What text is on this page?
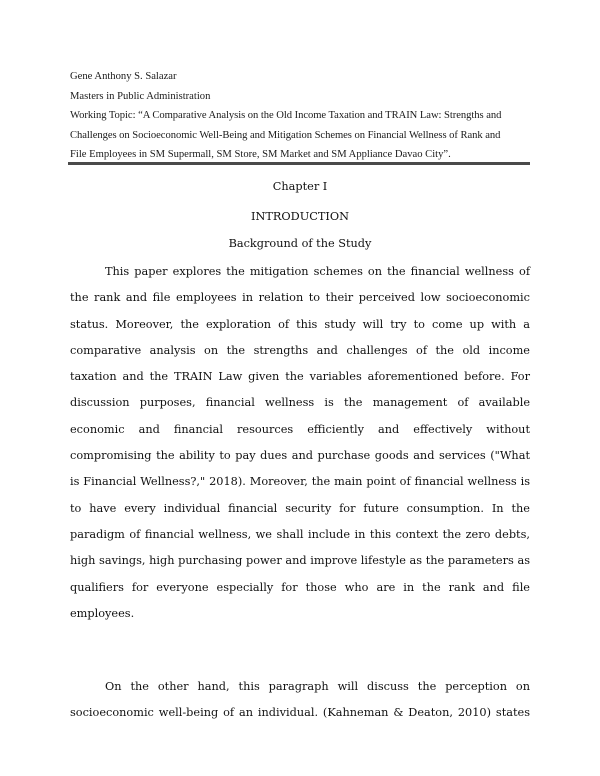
Gene Anthony S. Salazar
Masters in Public Administration
Working Topic: “A Comparative Analysis on the Old Income Taxation and TRAIN Law: Strengths and
Challenges on Socioeconomic Well-Being and Mitigation Schemes on Financial Wellness of Rank and
File Employees in SM Supermall, SM Store, SM Market and SM Appliance Davao City”.
Chapter I
INTRODUCTION
Background of the Study
This paper explores the mitigation schemes on the financial wellness of
the rank and file employees in relation to their perceived low socioeconomic
status. Moreover, the exploration of this study will try to come up with a
comparative analysis on the strengths and challenges of the old income
taxation and the TRAIN Law given the variables aforementioned before. For
discussion purposes, financial wellness is the management of available
economic and financial resources efficiently and effectively without
compromising the ability to pay dues and purchase goods and services ("What
is Financial Wellness?," 2018). Moreover, the main point of financial wellness is
to have every individual financial security for future consumption. In the
paradigm of financial wellness, we shall include in this context the zero debts,
high savings, high purchasing power and improve lifestyle as the parameters as
qualifiers for everyone especially for those who are in the rank and file
employees.
On the other hand, this paragraph will discuss the perception on
socioeconomic well-being of an individual. (Kahneman & Deaton, 2010) states
